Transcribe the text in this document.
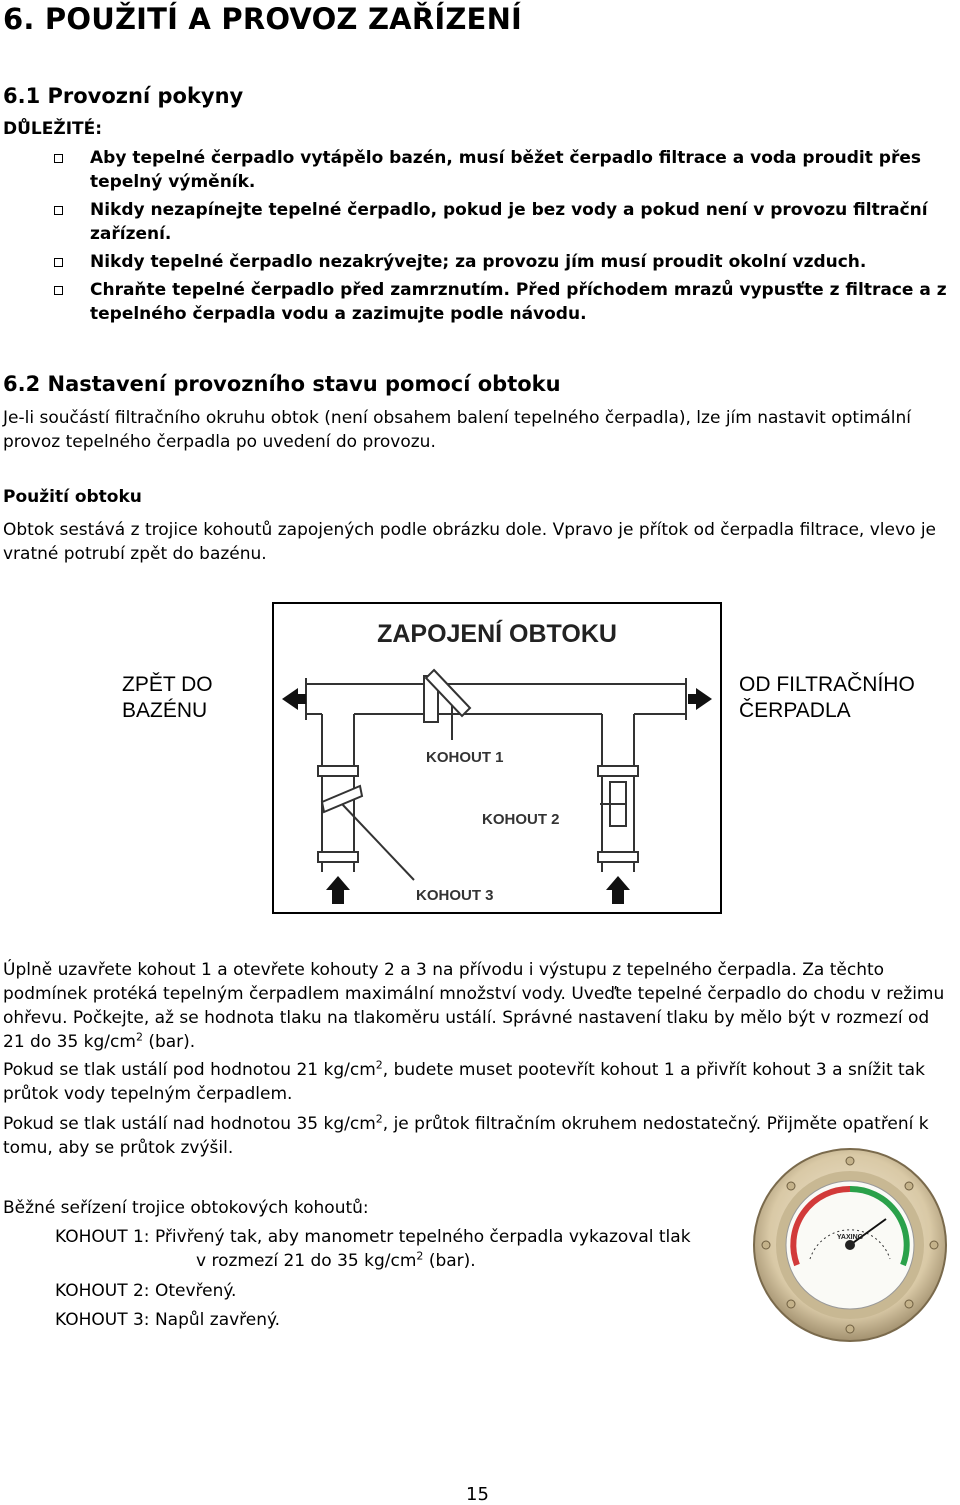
6. POUŽITÍ A PROVOZ ZAŘÍZENÍ
6.1 Provozní pokyny
DŮLEŽITÉ:
Aby tepelné čerpadlo vytápělo bazén, musí běžet čerpadlo filtrace a voda proudit přes tepelný výměník.
Nikdy nezapínejte tepelné čerpadlo, pokud je bez vody a pokud není v provozu filtrační zařízení.
Nikdy tepelné čerpadlo nezakrývejte; za provozu jím musí proudit okolní vzduch.
Chraňte tepelné čerpadlo před zamrznutím. Před příchodem mrazů vypusťte z filtrace a z tepelného čerpadla vodu a zazimujte podle návodu.
6.2 Nastavení provozního stavu pomocí obtoku

Je-li součástí filtračního okruhu obtok (není obsahem balení tepelného čerpadla), lze jím nastavit optimální provoz tepelného čerpadla po uvedení do provozu.

Použití obtoku

Obtok sestává z trojice kohoutů zapojených podle obrázku dole. Vpravo je přítok od čerpadla filtrace, vlevo je vratné potrubí zpět do bazénu.

ZPĚT DO
BAZÉNU
OD FILTRAČNÍHO
ČERPADLA
ZAPOJENÍ OBTOKU
KOHOUT 1
KOHOUT 2
KOHOUT 3

Úplně uzavřete kohout 1 a otevřete kohouty 2 a 3 na přívodu i výstupu z tepelného čerpadla. Za těchto podmínek protéká tepelným čerpadlem maximální množství vody. Uveďte tepelné čerpadlo do chodu v režimu ohřevu. Počkejte, až se hodnota tlaku na tlakoměru ustálí. Správné nastavení tlaku by mělo být v rozmezí od 21 do 35 $kg/cm^2$ (bar).

Pokud se tlak ustálí pod hodnotou 21 $kg/cm^2$, budete muset pootevřít kohout 1 a přivřít kohout 3 a snížit tak průtok vody tepelným čerpadlem.

Pokud se tlak ustálí nad hodnotou 35 $kg/cm^2$, je průtok filtračním okruhem nedostatečný. Přijměte opatření k tomu, aby se průtok zvýšil.

Běžné seřízení trojice obtokových kohoutů:
KOHOUT 1: Přivřený tak, aby manometr tepelného čerpadla vykazoval tlak
v rozmezí 21 do 35 $kg/cm^2$ (bar).
KOHOUT 2: Otevřený.
KOHOUT 3: Napůl zavřený.
YAXING
15
